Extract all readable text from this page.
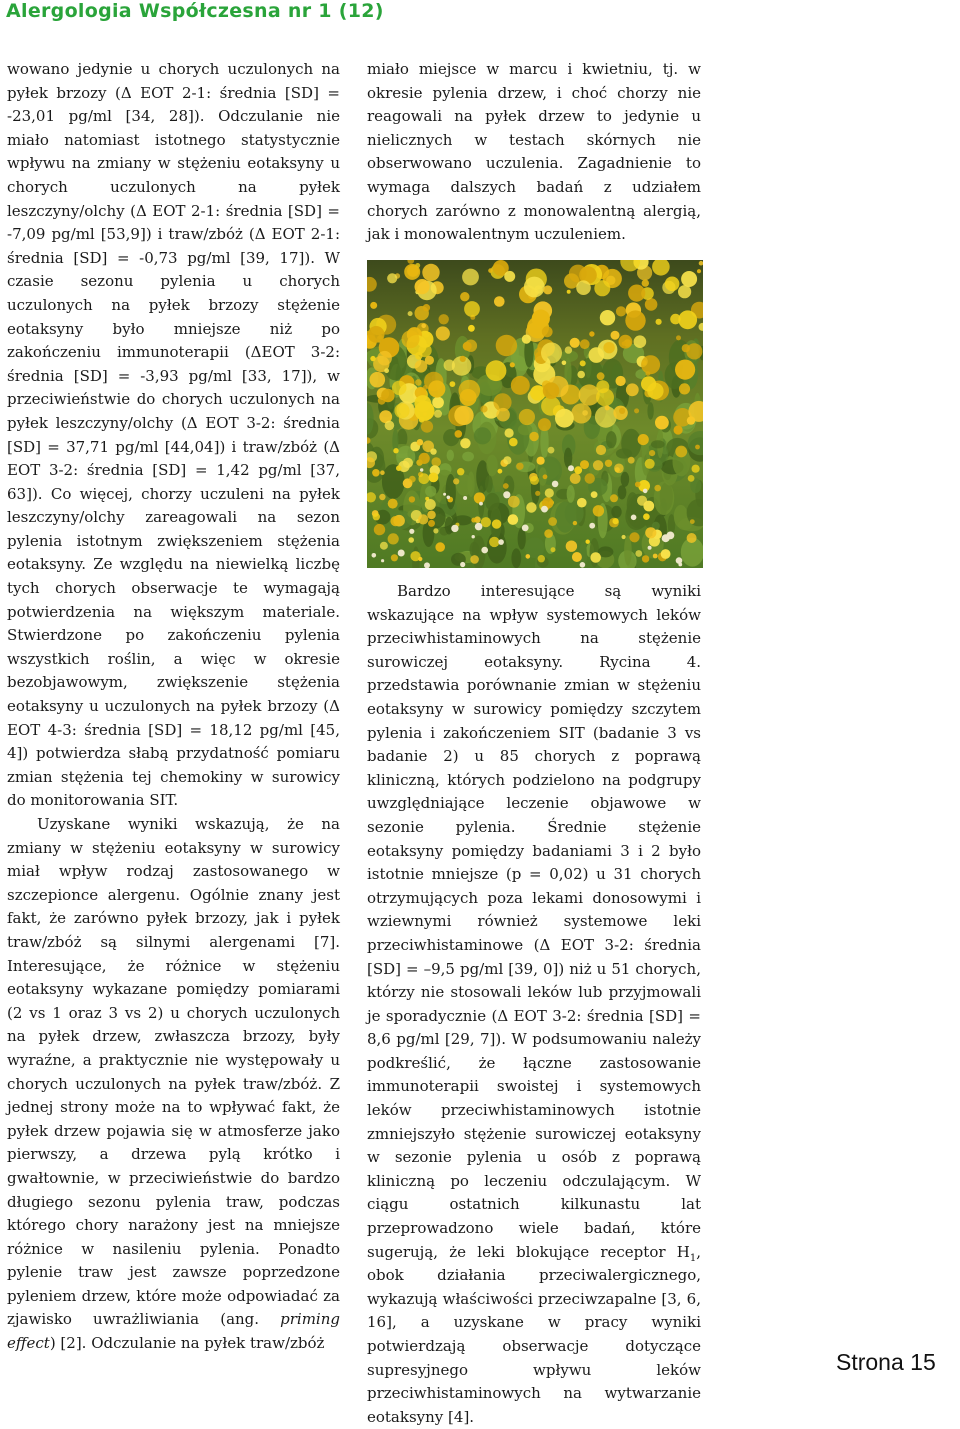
Alergologia Współczesna nr 1 (12)

wowano jedynie u chorych uczulonych na pyłek brzozy (Δ EOT 2-1: średnia [SD] = -23,01 pg/ml [34, 28]). Odczulanie nie miało natomiast istotnego statystycznie wpływu na zmiany w stężeniu eotaksyny u chorych uczulonych na pyłek leszczyny/olchy (Δ EOT 2-1: średnia [SD] = -7,09 pg/ml [53,9]) i traw/zbóż (Δ EOT 2-1: średnia [SD] = -0,73 pg/ml [39, 17]). W czasie sezonu pylenia u chorych uczulonych na pyłek brzozy stężenie eotaksyny było mniejsze niż po zakończeniu immunoterapii (ΔEOT 3-2: średnia [SD] = -3,93 pg/ml [33, 17]), w przeciwieństwie do chorych uczulonych na pyłek leszczyny/olchy (Δ EOT 3-2: średnia [SD] = 37,71 pg/ml [44,04]) i traw/zbóż (Δ EOT 3-2: średnia [SD] = 1,42 pg/ml [37, 63]). Co więcej, chorzy uczuleni na pyłek leszczyny/olchy zareagowali na sezon pylenia istotnym zwiększeniem stężenia eotaksyny. Ze względu na niewielką liczbę tych chorych obserwacje te wymagają potwierdzenia na większym materiale. Stwierdzone po zakończeniu pylenia wszystkich roślin, a więc w okresie bezobjawowym, zwiększenie stężenia eotaksyny u uczulonych na pyłek brzozy (Δ EOT 4-3: średnia [SD] = 18,12 pg/ml [45, 4]) potwierdza słabą przydatność pomiaru zmian stężenia tej chemokiny w surowicy do monitorowania SIT.

Uzyskane wyniki wskazują, że na zmiany w stężeniu eotaksyny w surowicy miał wpływ rodzaj zastosowanego w szczepionce alergenu. Ogólnie znany jest fakt, że zarówno pyłek brzozy, jak i pyłek traw/zbóż są silnymi alergenami [7]. Interesujące, że różnice w stężeniu eotaksyny wykazane pomiędzy pomiarami (2 vs 1 oraz 3 vs 2) u chorych uczulonych na pyłek drzew, zwłaszcza brzozy, były wyraźne, a praktycznie nie występowały u chorych uczulonych na pyłek traw/zbóż. Z jednej strony może na to wpływać fakt, że pyłek drzew pojawia się w atmosferze jako pierwszy, a drzewa pylą krótko i gwałtownie, w przeciwieństwie do bardzo długiego sezonu pylenia traw, podczas którego chory narażony jest na mniejsze różnice w nasileniu pylenia. Ponadto pylenie traw jest zawsze poprzedzone pyleniem drzew, które może odpowiadać za zjawisko uwrażliwiania (ang. priming effect) [2]. Odczulanie na pyłek traw/zbóż

miało miejsce w marcu i kwietniu, tj. w okresie pylenia drzew, i choć chorzy nie reagowali na pyłek drzew to jedynie u nielicznych w testach skórnych nie obserwowano uczulenia. Zagadnienie to wymaga dalszych badań z udziałem chorych zarówno z monowalentną alergią, jak i monowalentnym uczuleniem.

Bardzo interesujące są wyniki wskazujące na wpływ systemowych leków przeciwhistaminowych na stężenie surowiczej eotaksyny. Rycina 4. przedstawia porównanie zmian w stężeniu eotaksyny w surowicy pomiędzy szczytem pylenia i zakończeniem SIT (badanie 3 vs badanie 2) u 85 chorych z poprawą kliniczną, których podzielono na podgrupy uwzględniające leczenie objawowe w sezonie pylenia. Średnie stężenie eotaksyny pomiędzy badaniami 3 i 2 było istotnie mniejsze (p = 0,02) u 31 chorych otrzymujących poza lekami donosowymi i wziewnymi również systemowe leki przeciwhistaminowe (Δ EOT 3-2: średnia [SD] = –9,5 pg/ml [39, 0]) niż u 51 chorych, którzy nie stosowali leków lub przyjmowali je sporadycznie (Δ EOT 3-2: średnia [SD] = 8,6 pg/ml [29, 7]). W podsumowaniu należy podkreślić, że łączne zastosowanie immunoterapii swoistej i systemowych leków przeciwhistaminowych istotnie zmniejszyło stężenie surowiczej eotaksyny w sezonie pylenia u osób z poprawą kliniczną po leczeniu odczulającym. W ciągu ostatnich kilkunastu lat przeprowadzono wiele badań, które sugerują, że leki blokujące receptor $H_1$, obok działania przeciwalergicznego, wykazują właściwości przeciwzapalne [3, 6, 16], a uzyskane w pracy wyniki potwierdzają obserwacje dotyczące supresyjnego wpływu leków przeciwhistaminowych na wytwarzanie eotaksyny [4].

Strona 15
